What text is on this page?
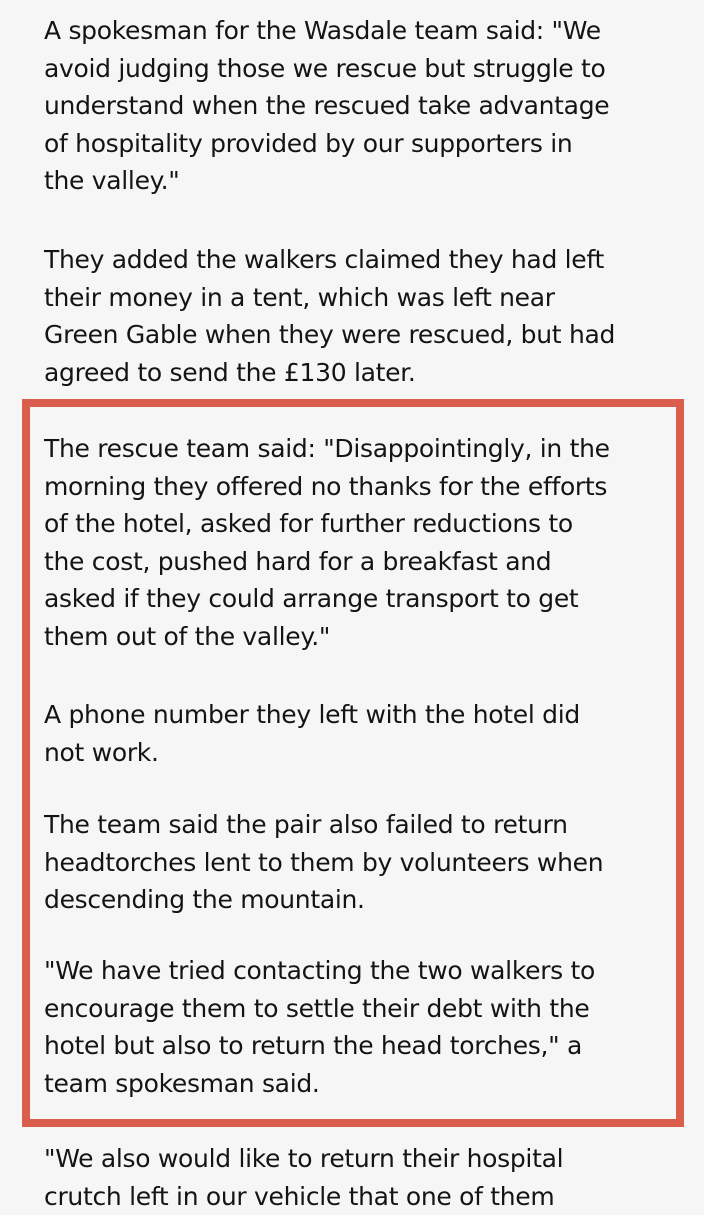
A spokesman for the Wasdale team said: "We
avoid judging those we rescue but struggle to
understand when the rescued take advantage
of hospitality provided by our supporters in
the valley."

They added the walkers claimed they had left
their money in a tent, which was left near
Green Gable when they were rescued, but had
agreed to send the £130 later.

The rescue team said: "Disappointingly, in the
morning they offered no thanks for the efforts
of the hotel, asked for further reductions to
the cost, pushed hard for a breakfast and
asked if they could arrange transport to get
them out of the valley."

A phone number they left with the hotel did
not work.

The team said the pair also failed to return
headtorches lent to them by volunteers when
descending the mountain.

"We have tried contacting the two walkers to
encourage them to settle their debt with the
hotel but also to return the head torches," a
team spokesman said.

"We also would like to return their hospital
crutch left in our vehicle that one of them
